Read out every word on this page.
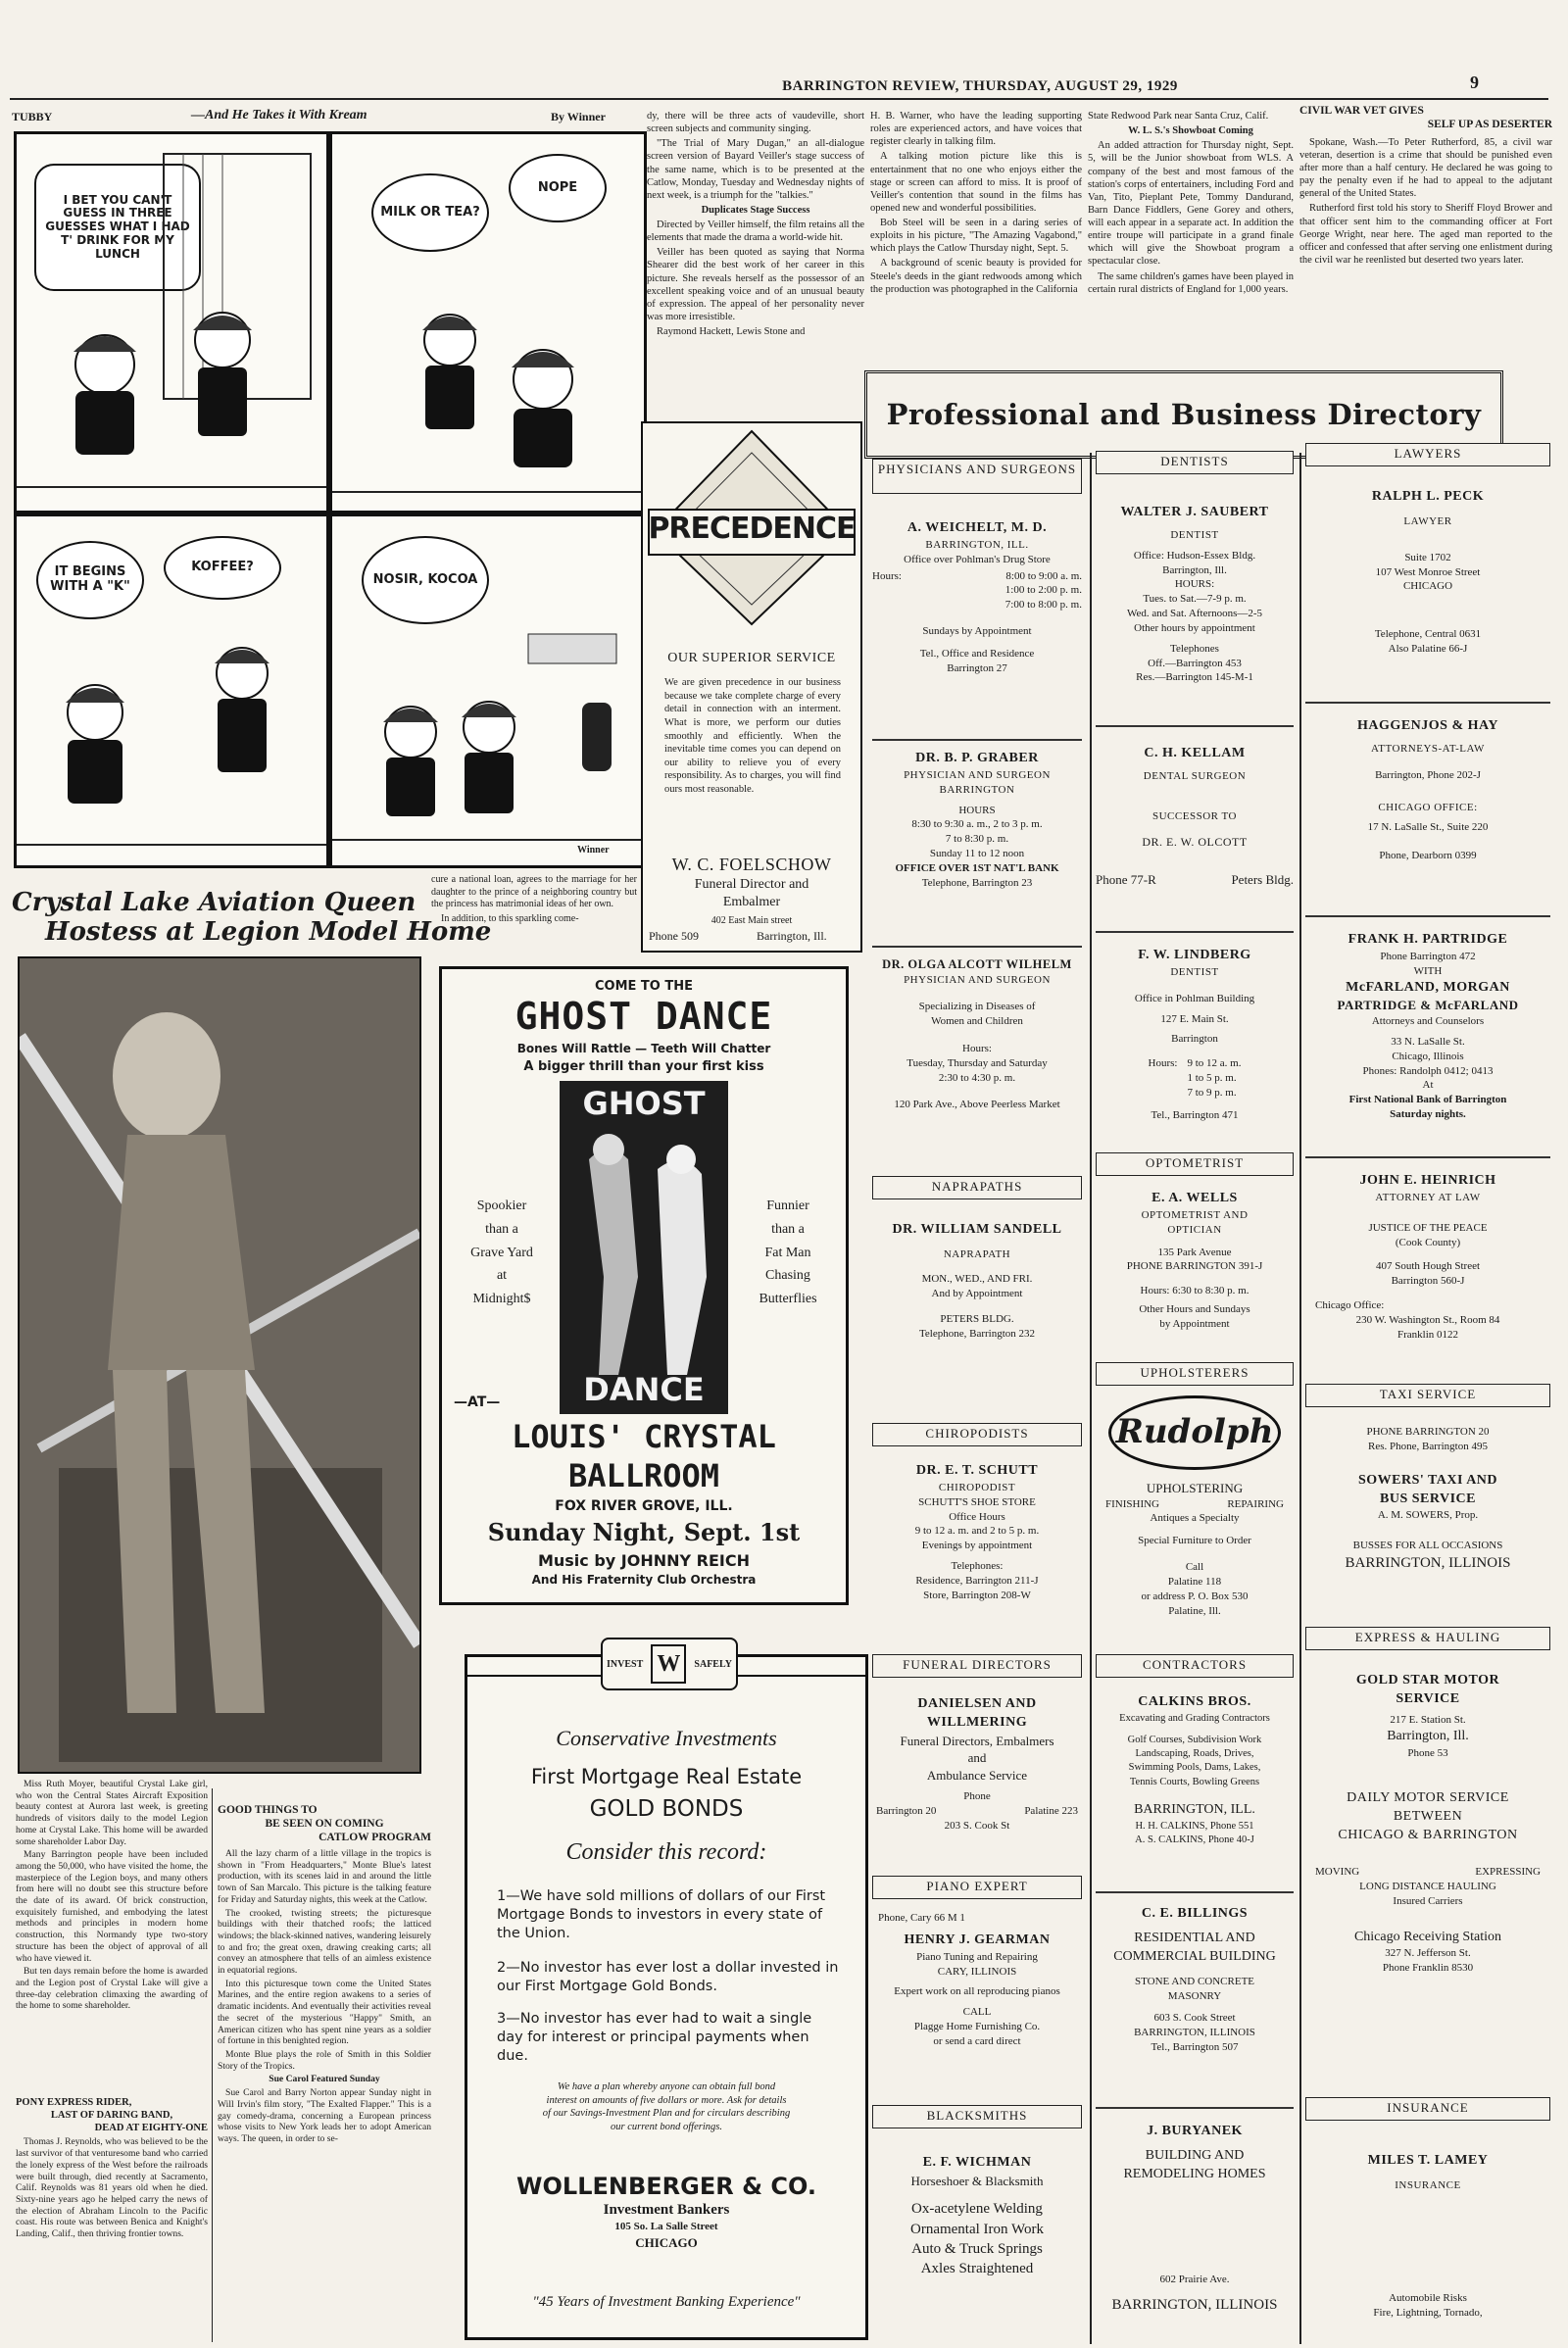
BARRINGTON REVIEW, THURSDAY, AUGUST 29, 1929	9
TUBBY	—And He Takes it With Kream	By Winner
I BET YOU CAN'T GUESS IN THREE GUESSES WHAT I HAD T' DRINK FOR MY LUNCH
MILK OR TEA?
NOPE
IT BEGINS WITH A "K"
KOFFEE?
NOSIR, KOCOA
Winner

dy, there will be three acts of vaudeville, short screen subjects and community singing.

"The Trial of Mary Dugan," an all-dialogue screen version of Bayard Veiller's stage success of the same name, which is to be presented at the Catlow, Monday, Tuesday and Wednesday nights of next week, is a triumph for the "talkies."

Duplicates Stage Success

Directed by Veiller himself, the film retains all the elements that made the drama a world-wide hit.

Veiller has been quoted as saying that Norma Shearer did the best work of her career in this picture. She reveals herself as the possessor of an excellent speaking voice and of an unusual beauty of expression. The appeal of her personality never was more irresistible.

Raymond Hackett, Lewis Stone and

H. B. Warner, who have the leading supporting roles are experienced actors, and have voices that register clearly in talking film.

A talking motion picture like this is entertainment that no one who enjoys either the stage or screen can afford to miss. It is proof of Veiller's contention that sound in the films has opened new and wonderful possibilities.

Bob Steel will be seen in a daring series of exploits in his picture, "The Amazing Vagabond," which plays the Catlow Thursday night, Sept. 5.

A background of scenic beauty is provided for Steele's deeds in the giant redwoods among which the production was photographed in the California

State Redwood Park near Santa Cruz, Calif.

W. L. S.'s Showboat Coming

An added attraction for Thursday night, Sept. 5, will be the Junior showboat from WLS. A company of the best and most famous of the station's corps of entertainers, including Ford and Van, Tito, Pieplant Pete, Tommy Dandurand, Barn Dance Fiddlers, Gene Gorey and others, will each appear in a separate act. In addition the entire troupe will participate in a grand finale which will give the Showboat program a spectacular close.

The same children's games have been played in certain rural districts of England for 1,000 years.

CIVIL WAR VET GIVES
SELF UP AS DESERTER

Spokane, Wash.—To Peter Rutherford, 85, a civil war veteran, desertion is a crime that should be punished even after more than a half century. He declared he was going to pay the penalty even if he had to appeal to the adjutant general of the United States.

Rutherford first told his story to Sheriff Floyd Brower and that officer sent him to the commanding officer at Fort George Wright, near here. The aged man reported to the officer and confessed that after serving one enlistment during the civil war he reenlisted but deserted two years later.

Professional and Business Directory
PRECEDENCE
OUR SUPERIOR SERVICE
We are given precedence in our business because we take complete charge of every detail in connection with an interment. What is more, we perform our duties smoothly and efficiently. When the inevitable time comes you can depend on our ability to relieve you of every responsibility. As to charges, you will find ours most reasonable.
W. C. FOELSCHOW
Funeral Director and
Embalmer
402 East Main street
Phone 509	Barrington, Ill.
Crystal Lake Aviation Queen
Hostess at Legion Model Home

Miss Ruth Moyer, beautiful Crystal Lake girl, who won the Central States Aircraft Exposition beauty contest at Aurora last week, is greeting hundreds of visitors daily to the model Legion home at Crystal Lake. This home will be awarded some shareholder Labor Day.

Many Barrington people have been included among the 50,000, who have visited the home, the masterpiece of the Legion boys, and many others from here will no doubt see this structure before the date of its award. Of brick construction, exquisitely furnished, and embodying the latest methods and principles in modern home construction, this Normandy type two-story structure has been the object of approval of all who have viewed it.

But ten days remain before the home is awarded and the Legion post of Crystal Lake will give a three-day celebration climaxing the awarding of the home to some shareholder.

PONY EXPRESS RIDER,
LAST OF DARING BAND,
DEAD AT EIGHTY-ONE

Thomas J. Reynolds, who was believed to be the last survivor of that venturesome band who carried the lonely express of the West before the railroads were built through, died recently at Sacramento, Calif. Reynolds was 81 years old when he died. Sixty-nine years ago he helped carry the news of the election of Abraham Lincoln to the Pacific coast. His route was between Benica and Knight's Landing, Calif., then thriving frontier towns.

GOOD THINGS TO
BE SEEN ON COMING
CATLOW PROGRAM

All the lazy charm of a little village in the tropics is shown in "From Headquarters," Monte Blue's latest production, with its scenes laid in and around the little town of San Marcalo. This picture is the talking feature for Friday and Saturday nights, this week at the Catlow.

The crooked, twisting streets; the picturesque buildings with their thatched roofs; the latticed windows; the black-skinned natives, wandering leisurely to and fro; the great oxen, drawing creaking carts; all convey an atmosphere that tells of an aimless existence in equatorial regions.

Into this picturesque town come the United States Marines, and the entire region awakens to a series of dramatic incidents. And eventually their activities reveal the secret of the mysterious "Happy" Smith, an American citizen who has spent nine years as a soldier of fortune in this benighted region.

Monte Blue plays the role of Smith in this Soldier Story of the Tropics.

Sue Carol Featured Sunday

Sue Carol and Barry Norton appear Sunday night in Will Irvin's film story, "The Exalted Flapper." This is a gay comedy-drama, concerning a European princess whose visits to New York leads her to adopt American ways. The queen, in order to se-

cure a national loan, agrees to the marriage for her daughter to the prince of a neighboring country but the princess has matrimonial ideas of her own.

In addition, to this sparkling come-

COME TO THE
GHOST DANCE
Bones Will Rattle — Teeth Will Chatter
A bigger thrill than your first kiss
Spookier
than a
Grave Yard
at
Midnight$
Funnier
than a
Fat Man
Chasing
Butterflies
GHOST
DANCE
—AT—
LOUIS' CRYSTAL
BALLROOM
FOX RIVER GROVE, ILL.
Sunday Night, Sept. 1st
Music by JOHNNY REICH
And His Fraternity Club Orchestra
INVEST W	SAFELY
Conservative Investments
First Mortgage Real Estate
GOLD BONDS
Consider this record:
1—We have sold millions of dollars of our First Mortgage Bonds to investors in every state of the Union.
2—No investor has ever lost a dollar invested in our First Mortgage Gold Bonds.
3—No investor has ever had to wait a single day for interest or principal payments when due.
We have a plan whereby anyone can obtain full bond interest on amounts of five dollars or more. Ask for details of our Savings-Investment Plan and for circulars describing our current bond offerings.
WOLLENBERGER & CO.
Investment Bankers
105 So. La Salle Street
CHICAGO
"45 Years of Investment Banking Experience"
PHYSICIANS AND SURGEONS
A. WEICHELT, M. D.
BARRINGTON, ILL.
Office over Pohlman's Drug Store
Hours:	8:00 to 9:00 a. m.
1:00 to 2:00 p. m.
7:00 to 8:00 p. m.
Sundays by Appointment
Tel., Office and Residence
Barrington 27
DR. B. P. GRABER
PHYSICIAN AND SURGEON
BARRINGTON
HOURS
8:30 to 9:30 a. m., 2 to 3 p. m.
7 to 8:30 p. m.
Sunday 11 to 12 noon
OFFICE OVER 1ST NAT'L BANK
Telephone, Barrington 23
DR. OLGA ALCOTT WILHELM
PHYSICIAN AND SURGEON
Specializing in Diseases of Women and Children
Hours:
Tuesday, Thursday and Saturday
2:30 to 4:30 p. m.
120 Park Ave., Above Peerless Market
NAPRAPATHS
DR. WILLIAM SANDELL
NAPRAPATH
MON., WED., AND FRI.
And by Appointment
PETERS BLDG.
Telephone, Barrington 232
CHIROPODISTS
DR. E. T. SCHUTT
CHIROPODIST
SCHUTT'S SHOE STORE
Office Hours
9 to 12 a. m. and 2 to 5 p. m.
Evenings by appointment
Telephones:
Residence, Barrington 211-J
Store, Barrington 208-W
FUNERAL DIRECTORS
DANIELSEN AND
WILLMERING
Funeral Directors, Embalmers
and
Ambulance Service
Phone
Barrington 20	Palatine 223
203 S. Cook St
PIANO EXPERT
Phone, Cary 66 M 1
HENRY J. GEARMAN
Piano Tuning and Repairing
CARY, ILLINOIS
Expert work on all reproducing pianos
CALL
Plagge Home Furnishing Co.
or send a card direct
BLACKSMITHS
E. F. WICHMAN
Horseshoer & Blacksmith
Ox-acetylene Welding
Ornamental Iron Work
Auto & Truck Springs
Axles Straightened
DENTISTS
WALTER J. SAUBERT
DENTIST
Office: Hudson-Essex Bldg.
Barrington, Ill.
HOURS:
Tues. to Sat.—7-9 p. m.
Wed. and Sat. Afternoons—2-5
Other hours by appointment
Telephones
Off.—Barrington 453
Res.—Barrington 145-M-1
C. H. KELLAM
DENTAL SURGEON
SUCCESSOR TO
DR. E. W. OLCOTT
Phone 77-R	Peters Bldg.
F. W. LINDBERG
DENTIST
Office in Pohlman Building
127 E. Main St.
Barrington
Hours: 9 to 12 a. m.
1 to 5 p. m.
7 to 9 p. m.
Tel., Barrington 471
OPTOMETRIST
E. A. WELLS
OPTOMETRIST AND
OPTICIAN
135 Park Avenue
PHONE BARRINGTON 391-J
Hours: 6:30 to 8:30 p. m.
Other Hours and Sundays
by Appointment
UPHOLSTERERS
Rudolph
UPHOLSTERING
FINISHING	REPAIRING
Antiques a Specialty
Special Furniture to Order
Call
Palatine 118
or address P. O. Box 530
Palatine, Ill.
CONTRACTORS
CALKINS BROS.
Excavating and Grading Contractors
Golf Courses, Subdivision Work
Landscaping, Roads, Drives,
Swimming Pools, Dams, Lakes,
Tennis Courts, Bowling Greens
BARRINGTON, ILL.
H. H. CALKINS, Phone 551
A. S. CALKINS, Phone 40-J
C. E. BILLINGS
RESIDENTIAL AND
COMMERCIAL BUILDING
STONE AND CONCRETE
MASONRY
603 S. Cook Street
BARRINGTON, ILLINOIS
Tel., Barrington 507
J. BURYANEK
BUILDING AND
REMODELING HOMES
602 Prairie Ave.
BARRINGTON, ILLINOIS
LAWYERS
RALPH L. PECK
LAWYER
Suite 1702
107 West Monroe Street
CHICAGO
Telephone, Central 0631
Also Palatine 66-J
HAGGENJOS & HAY
ATTORNEYS-AT-LAW
Barrington, Phone 202-J
CHICAGO OFFICE:
17 N. LaSalle St., Suite 220
Phone, Dearborn 0399
FRANK H. PARTRIDGE
Phone Barrington 472
WITH
McFARLAND, MORGAN
PARTRIDGE & McFARLAND
Attorneys and Counselors
33 N. LaSalle St.
Chicago, Illinois
Phones: Randolph 0412; 0413
At
First National Bank of Barrington
Saturday nights.
JOHN E. HEINRICH
ATTORNEY AT LAW
JUSTICE OF THE PEACE
(Cook County)
407 South Hough Street
Barrington 560-J
Chicago Office:
230 W. Washington St., Room 84
Franklin 0122
TAXI SERVICE
PHONE BARRINGTON 20
Res. Phone, Barrington 495
SOWERS' TAXI AND
BUS SERVICE
A. M. SOWERS, Prop.
BUSSES FOR ALL OCCASIONS
BARRINGTON, ILLINOIS
EXPRESS & HAULING
GOLD STAR MOTOR
SERVICE
217 E. Station St.
Barrington, Ill.
Phone 53
DAILY MOTOR SERVICE
BETWEEN
CHICAGO & BARRINGTON
MOVING	EXPRESSING
LONG DISTANCE HAULING
Insured Carriers
Chicago Receiving Station
327 N. Jefferson St.
Phone Franklin 8530
INSURANCE
MILES T. LAMEY
INSURANCE
Automobile Risks
Fire, Lightning, Tornado,
